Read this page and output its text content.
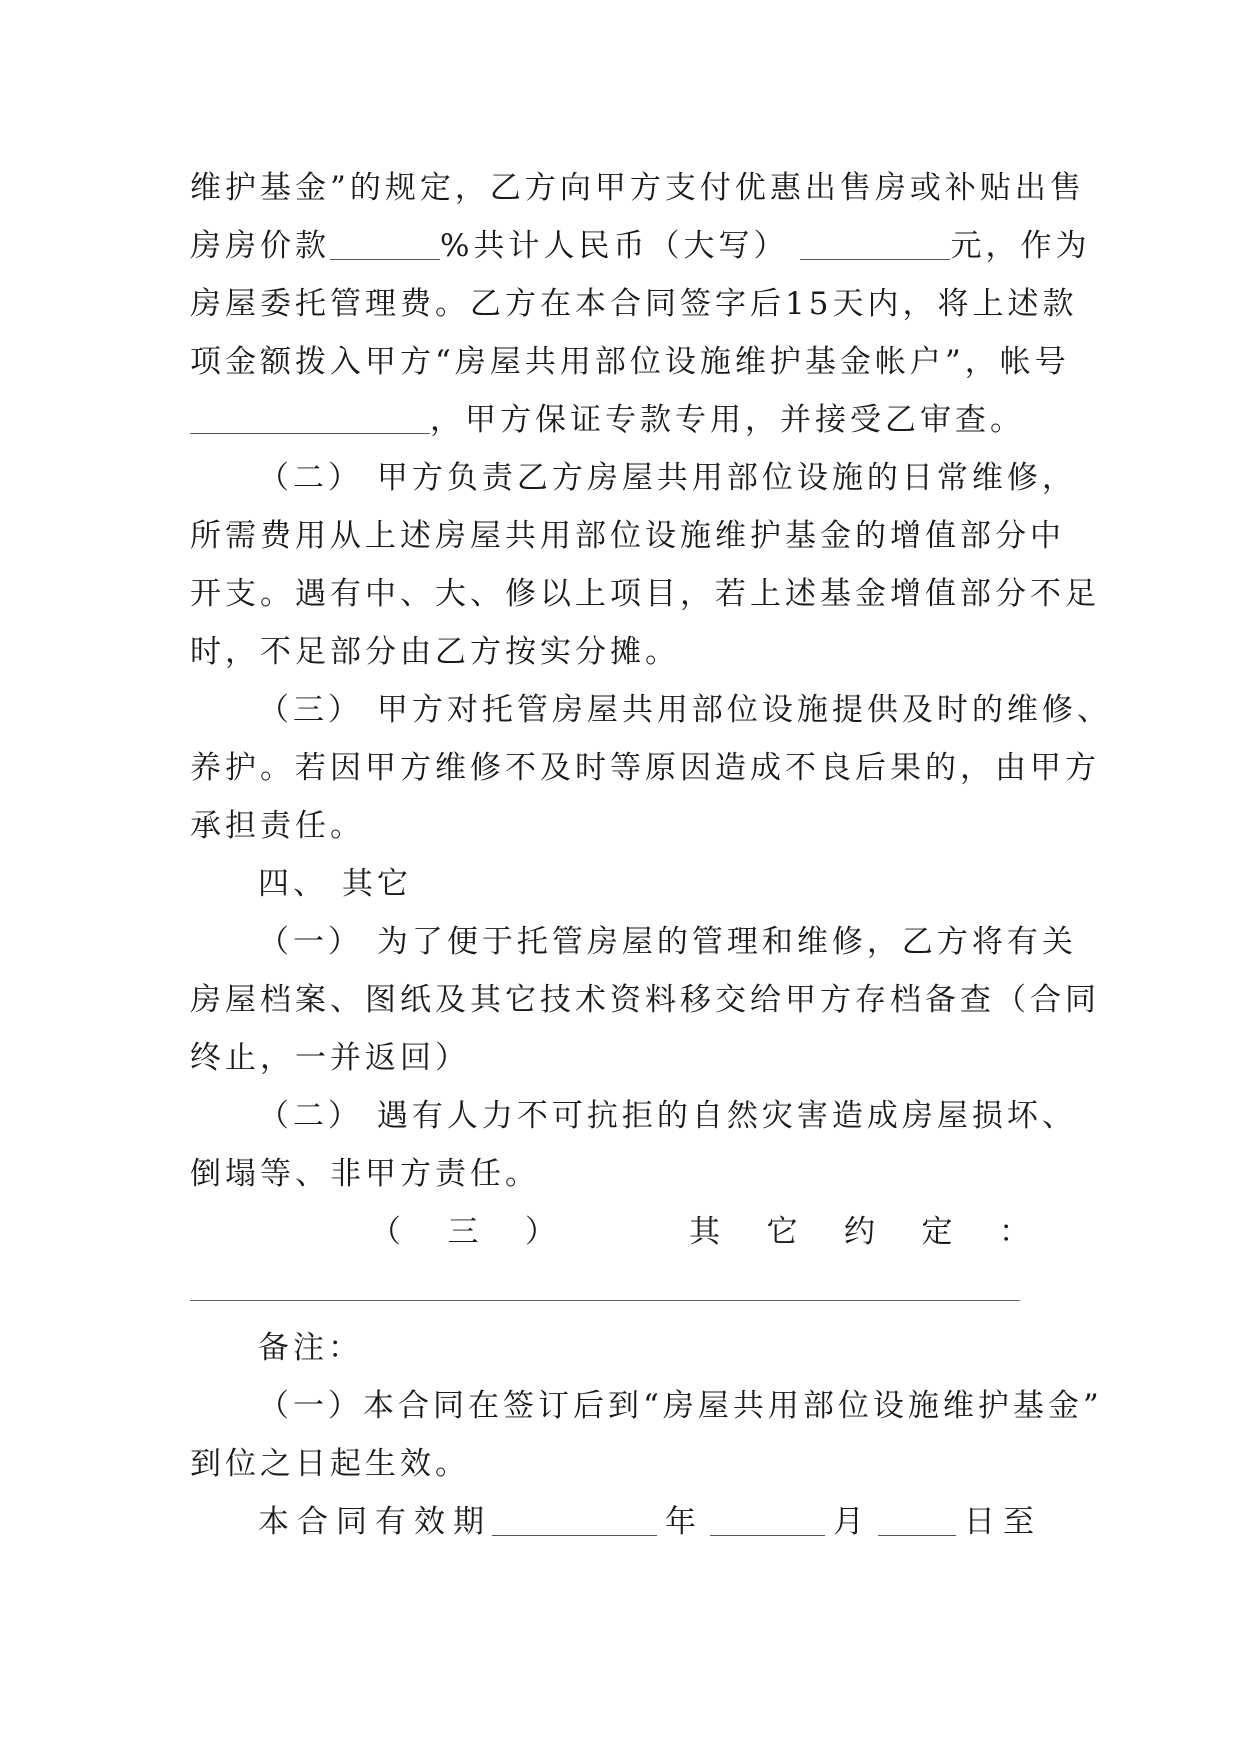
维护基金”的规定，乙方向甲方支付优惠出售房或补贴出售
房房价款	%共计人民币（大写）	元，作为
房屋委托管理费。乙方在本合同签字后15天内，将上述款
项金额拨入甲方“房屋共用部位设施维护基金帐户”，帐号
，甲方保证专款专用，并接受乙审查。
（二） 甲方负责乙方房屋共用部位设施的日常维修，
所需费用从上述房屋共用部位设施维护基金的增值部分中
开支。遇有中、大、修以上项目，若上述基金增值部分不足
时，不足部分由乙方按实分摊。
（三） 甲方对托管房屋共用部位设施提供及时的维修、
养护。若因甲方维修不及时等原因造成不良后果的，由甲方
承担责任。
四、 其它
（一） 为了便于托管房屋的管理和维修，乙方将有关
房屋档案、图纸及其它技术资料移交给甲方存档备查（合同
终止，一并返回）
（二） 遇有人力不可抗拒的自然灾害造成房屋损坏、
倒塌等、非甲方责任。
（ 三 ）	其 它 约 定 ：
备注：
（一）本合同在签订后到“房屋共用部位设施维护基金”
到位之日起生效。
本合同有效期	年	月	日至
